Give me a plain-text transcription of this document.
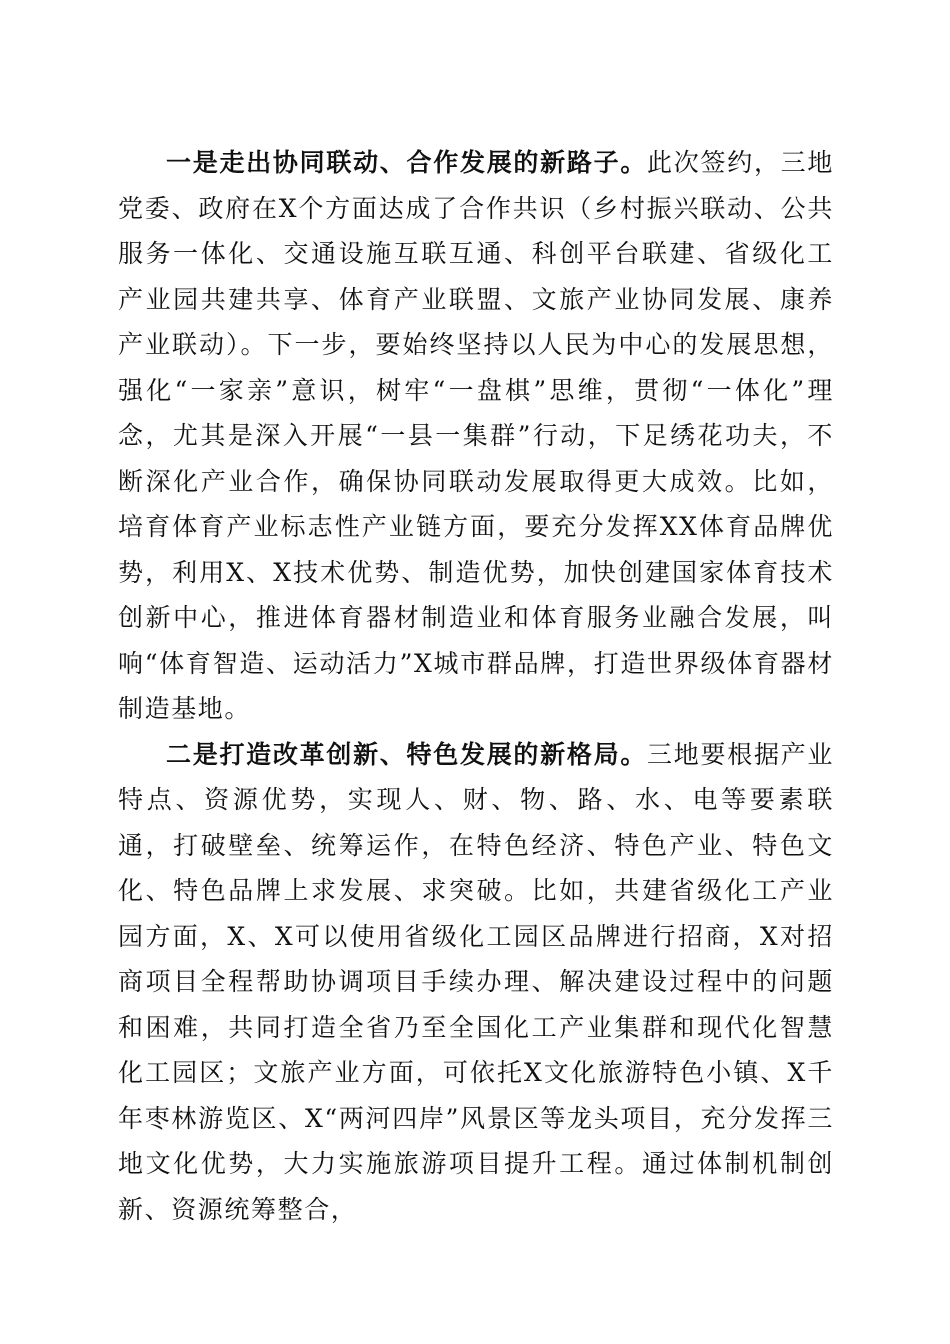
一是走出协同联动、合作发展的新路子。此次签约，三地党委、政府在X个方面达成了合作共识（乡村振兴联动、公共服务一体化、交通设施互联互通、科创平台联建、省级化工产业园共建共享、体育产业联盟、文旅产业协同发展、康养产业联动）。下一步，要始终坚持以人民为中心的发展思想，强化“一家亲”意识，树牢“一盘棋”思维，贯彻“一体化”理念，尤其是深入开展“一县一集群”行动，下足绣花功夫，不断深化产业合作，确保协同联动发展取得更大成效。比如，培育体育产业标志性产业链方面，要充分发挥XX体育品牌优势，利用X、X技术优势、制造优势，加快创建国家体育技术创新中心，推进体育器材制造业和体育服务业融合发展，叫响“体育智造、运动活力”X城市群品牌，打造世界级体育器材制造基地。

二是打造改革创新、特色发展的新格局。三地要根据产业特点、资源优势，实现人、财、物、路、水、电等要素联通，打破壁垒、统筹运作，在特色经济、特色产业、特色文化、特色品牌上求发展、求突破。比如，共建省级化工产业园方面，X、X可以使用省级化工园区品牌进行招商，X对招商项目全程帮助协调项目手续办理、解决建设过程中的问题和困难，共同打造全省乃至全国化工产业集群和现代化智慧化工园区；文旅产业方面，可依托X文化旅游特色小镇、X千年枣林游览区、X“两河四岸”风景区等龙头项目，充分发挥三地文化优势，大力实施旅游项目提升工程。通过体制机制创新、资源统筹整合，
